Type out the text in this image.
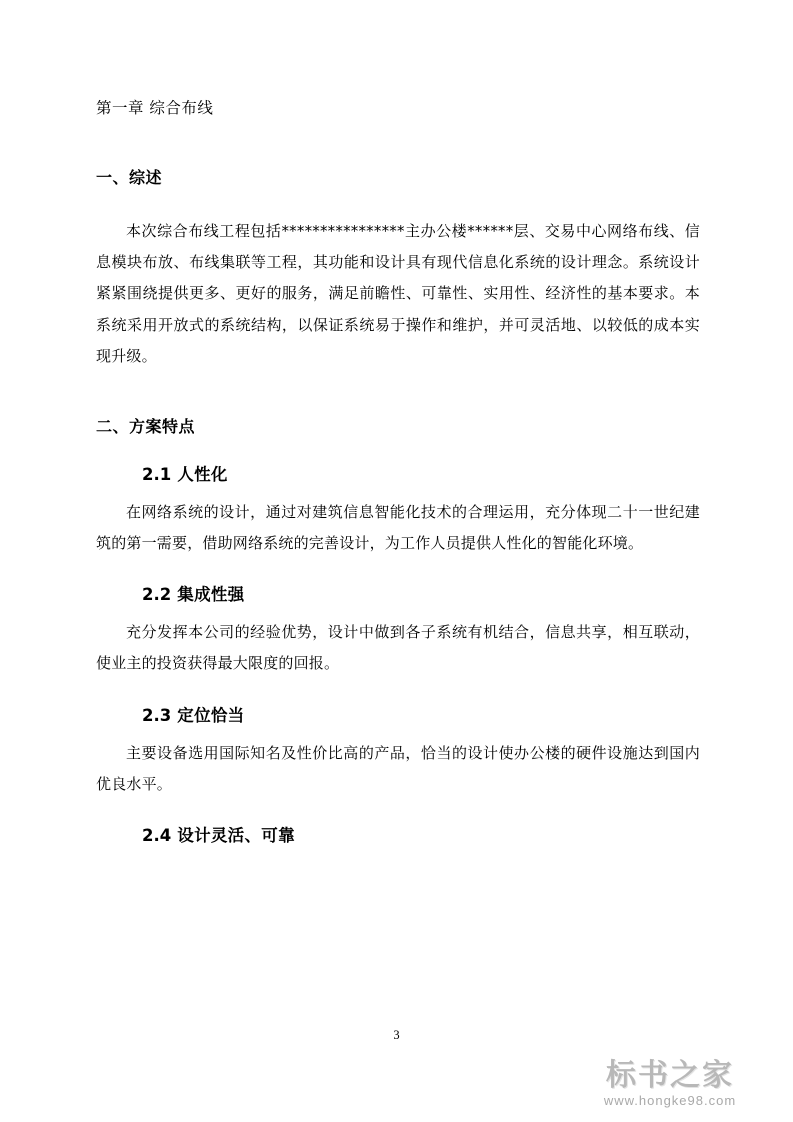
第一章 综合布线
一、综述

本次综合布线工程包括****************主办公楼******层、交易中心网络布线、信息模块布放、布线集联等工程，其功能和设计具有现代信息化系统的设计理念。系统设计紧紧围绕提供更多、更好的服务，满足前瞻性、可靠性、实用性、经济性的基本要求。本系统采用开放式的系统结构，以保证系统易于操作和维护，并可灵活地、以较低的成本实现升级。

二、方案特点
2.1 人性化

在网络系统的设计，通过对建筑信息智能化技术的合理运用，充分体现二十一世纪建筑的第一需要，借助网络系统的完善设计，为工作人员提供人性化的智能化环境。

2.2 集成性强

充分发挥本公司的经验优势，设计中做到各子系统有机结合，信息共享，相互联动，使业主的投资获得最大限度的回报。

2.3 定位恰当

主要设备选用国际知名及性价比高的产品，恰当的设计使办公楼的硬件设施达到国内优良水平。

2.4 设计灵活、可靠
3
标书之家
www.hongke98.com
